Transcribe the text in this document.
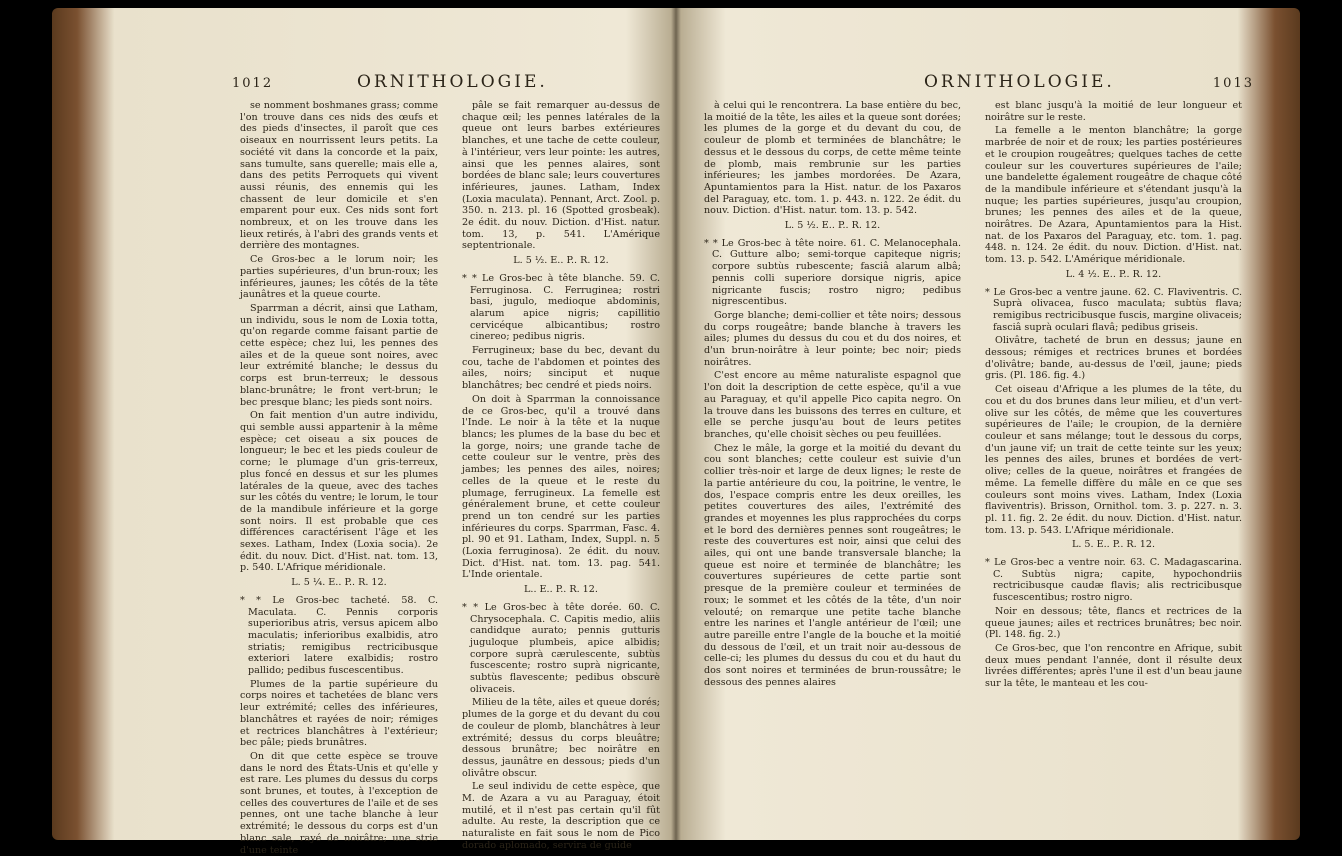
1012	ORNITHOLOGIE.

se nomment boshmanes grass; comme l'on trouve dans ces nids des œufs et des pieds d'insectes, il paroît que ces oiseaux en nourrissent leurs petits. La société vit dans la concorde et la paix, sans tumulte, sans querelle; mais elle a, dans des petits Perroquets qui vivent aussi réunis, des ennemis qui les chassent de leur domicile et s'en emparent pour eux. Ces nids sont fort nombreux, et on les trouve dans les lieux retirés, à l'abri des grands vents et derrière des montagnes.

Ce Gros-bec a le lorum noir; les parties supérieures, d'un brun-roux; les inférieures, jaunes; les côtés de la tête jaunâtres et la queue courte.

Sparrman a décrit, ainsi que Latham, un individu, sous le nom de Loxia totta, qu'on regarde comme faisant partie de cette espèce; chez lui, les pennes des ailes et de la queue sont noires, avec leur extrémité blanche; le dessus du corps est brun-terreux; le dessous blanc-brunâtre; le front vert-brun; le bec presque blanc; les pieds sont noirs.

On fait mention d'un autre individu, qui semble aussi appartenir à la même espèce; cet oiseau a six pouces de longueur; le bec et les pieds couleur de corne; le plumage d'un gris-terreux, plus foncé en dessus et sur les plumes latérales de la queue, avec des taches sur les côtés du ventre; le lorum, le tour de la mandibule inférieure et la gorge sont noirs. Il est probable que ces différences caractérisent l'âge et les sexes. Latham, Index (Loxia socia). 2e édit. du nouv. Dict. d'Hist. nat. tom. 13, p. 540. L'Afrique méridionale.

L. 5 ¼. E.. P.. R. 12.

* * Le Gros-bec tacheté. 58. C. Maculata. C. Pennis corporis superioribus atris, versus apicem albo maculatis; inferioribus exalbidis, atro striatis; remigibus rectricibusque exteriori latere exalbidis; rostro pallido; pedibus fuscescentibus.

Plumes de la partie supérieure du corps noires et tachetées de blanc vers leur extrémité; celles des inférieures, blanchâtres et rayées de noir; rémiges et rectrices blanchâtres à l'extérieur; bec pâle; pieds brunâtres.

On dit que cette espèce se trouve dans le nord des États-Unis et qu'elle y est rare. Les plumes du dessus du corps sont brunes, et toutes, à l'exception de celles des couvertures de l'aile et de ses pennes, ont une tache blanche à leur extrémité; le dessous du corps est d'un blanc sale, rayé de noirâtre; une strie d'une teinte

pâle se fait remarquer au-dessus de chaque œil; les pennes latérales de la queue ont leurs barbes extérieures blanches, et une tache de cette couleur, à l'intérieur, vers leur pointe: les autres, ainsi que les pennes alaires, sont bordées de blanc sale; leurs couvertures inférieures, jaunes. Latham, Index (Loxia maculata). Pennant, Arct. Zool. p. 350. n. 213. pl. 16 (Spotted grosbeak). 2e édit. du nouv. Diction. d'Hist. natur. tom. 13, p. 541. L'Amérique septentrionale.

L. 5 ½. E.. P.. R. 12.

* * Le Gros-bec à tête blanche. 59. C. Ferruginosa. C. Ferruginea; rostri basi, jugulo, medioque abdominis, alarum apice nigris; capillitio cervicéque albicantibus; rostro cinereo; pedibus nigris.

Ferrugineux; base du bec, devant du cou, tache de l'abdomen et pointes des ailes, noirs; sinciput et nuque blanchâtres; bec cendré et pieds noirs.

On doit à Sparrman la connoissance de ce Gros-bec, qu'il a trouvé dans l'Inde. Le noir à la tête et la nuque blancs; les plumes de la base du bec et la gorge, noirs; une grande tache de cette couleur sur le ventre, près des jambes; les pennes des ailes, noires; celles de la queue et le reste du plumage, ferrugineux. La femelle est généralement brune, et cette couleur prend un ton cendré sur les parties inférieures du corps. Sparrman, Fasc. 4. pl. 90 et 91. Latham, Index, Suppl. n. 5 (Loxia ferruginosa). 2e édit. du nouv. Dict. d'Hist. nat. tom. 13. pag. 541. L'Inde orientale.

L.. E.. P.. R. 12.

* * Le Gros-bec à tête dorée. 60. C. Chrysocephala. C. Capitis medio, aliis candidque aurato; pennis gutturis juguloque plumbeis, apice albidis; corpore suprà cærulescente, subtùs fuscescente; rostro suprà nigricante, subtùs flavescente; pedibus obscurè olivaceis.

Milieu de la tête, ailes et queue dorés; plumes de la gorge et du devant du cou de couleur de plomb, blanchâtres à leur extrémité; dessus du corps bleuâtre; dessous brunâtre; bec noirâtre en dessus, jaunâtre en dessous; pieds d'un olivâtre obscur.

Le seul individu de cette espèce, que M. de Azara a vu au Paraguay, étoit mutilé, et il n'est pas certain qu'il fût adulte. Au reste, la description que ce naturaliste en fait sous le nom de Pico dorado aplomado, servira de guide

ORNITHOLOGIE.	1013

à celui qui le rencontrera. La base entière du bec, la moitié de la tête, les ailes et la queue sont dorées; les plumes de la gorge et du devant du cou, de couleur de plomb et terminées de blanchâtre; le dessus et le dessous du corps, de cette même teinte de plomb, mais rembrunie sur les parties inférieures; les jambes mordorées. De Azara, Apuntamientos para la Hist. natur. de los Paxaros del Paraguay, etc. tom. 1. p. 443. n. 122. 2e édit. du nouv. Diction. d'Hist. natur. tom. 13. p. 542.

L. 5 ½. E.. P.. R. 12.

* * Le Gros-bec à tête noire. 61. C. Melanocephala. C. Gutture albo; semi-torque capiteque nigris; corpore subtùs rubescente; fasciâ alarum albâ; pennis colli superiore dorsique nigris, apice nigricante fuscis; rostro nigro; pedibus nigrescentibus.

Gorge blanche; demi-collier et tête noirs; dessous du corps rougeâtre; bande blanche à travers les ailes; plumes du dessus du cou et du dos noires, et d'un brun-noirâtre à leur pointe; bec noir; pieds noirâtres.

C'est encore au même naturaliste espagnol que l'on doit la description de cette espèce, qu'il a vue au Paraguay, et qu'il appelle Pico capita negro. On la trouve dans les buissons des terres en culture, et elle se perche jusqu'au bout de leurs petites branches, qu'elle choisit sèches ou peu feuillées.

Chez le mâle, la gorge et la moitié du devant du cou sont blanches; cette couleur est suivie d'un collier très-noir et large de deux lignes; le reste de la partie antérieure du cou, la poitrine, le ventre, le dos, l'espace compris entre les deux oreilles, les petites couvertures des ailes, l'extrémité des grandes et moyennes les plus rapprochées du corps et le bord des dernières pennes sont rougeâtres; le reste des couvertures est noir, ainsi que celui des ailes, qui ont une bande transversale blanche; la queue est noire et terminée de blanchâtre; les couvertures supérieures de cette partie sont presque de la première couleur et terminées de roux; le sommet et les côtés de la tête, d'un noir velouté; on remarque une petite tache blanche entre les narines et l'angle antérieur de l'œil; une autre pareille entre l'angle de la bouche et la moitié du dessous de l'œil, et un trait noir au-dessous de celle-ci; les plumes du dessus du cou et du haut du dos sont noires et terminées de brun-roussâtre; le dessous des pennes alaires

est blanc jusqu'à la moitié de leur longueur et noirâtre sur le reste.

La femelle a le menton blanchâtre; la gorge marbrée de noir et de roux; les parties postérieures et le croupion rougeâtres; quelques taches de cette couleur sur les couvertures supérieures de l'aile; une bandelette également rougeâtre de chaque côté de la mandibule inférieure et s'étendant jusqu'à la nuque; les parties supérieures, jusqu'au croupion, brunes; les pennes des ailes et de la queue, noirâtres. De Azara, Apuntamientos para la Hist. nat. de los Paxaros del Paraguay, etc. tom. 1. pag. 448. n. 124. 2e édit. du nouv. Diction. d'Hist. nat. tom. 13. p. 542. L'Amérique méridionale.

L. 4 ½. E.. P.. R. 12.

* Le Gros-bec a ventre jaune. 62. C. Flaviventris. C. Suprà olivacea, fusco maculata; subtùs flava; remigibus rectricibusque fuscis, margine olivaceis; fasciâ suprà oculari flavâ; pedibus griseis.

Olivâtre, tacheté de brun en dessus; jaune en dessous; rémiges et rectrices brunes et bordées d'olivâtre; bande, au-dessus de l'œil, jaune; pieds gris. (Pl. 186. fig. 4.)

Cet oiseau d'Afrique a les plumes de la tête, du cou et du dos brunes dans leur milieu, et d'un vert-olive sur les côtés, de même que les couvertures supérieures de l'aile; le croupion, de la dernière couleur et sans mélange; tout le dessous du corps, d'un jaune vif; un trait de cette teinte sur les yeux; les pennes des ailes, brunes et bordées de vert-olive; celles de la queue, noirâtres et frangées de même. La femelle diffère du mâle en ce que ses couleurs sont moins vives. Latham, Index (Loxia flaviventris). Brisson, Ornithol. tom. 3. p. 227. n. 3. pl. 11. fig. 2. 2e édit. du nouv. Diction. d'Hist. natur. tom. 13. p. 543. L'Afrique méridionale.

L. 5. E.. P.. R. 12.

* Le Gros-bec a ventre noir. 63. C. Madagascarina. C. Subtùs nigra; capite, hypochondriis rectricibusque caudæ flavis; alis rectricibusque fuscescentibus; rostro nigro.

Noir en dessous; tête, flancs et rectrices de la queue jaunes; ailes et rectrices brunâtres; bec noir. (Pl. 148. fig. 2.)

Ce Gros-bec, que l'on rencontre en Afrique, subit deux mues pendant l'année, dont il résulte deux livrées différentes; après l'une il est d'un beau jaune sur la tête, le manteau et les cou-
